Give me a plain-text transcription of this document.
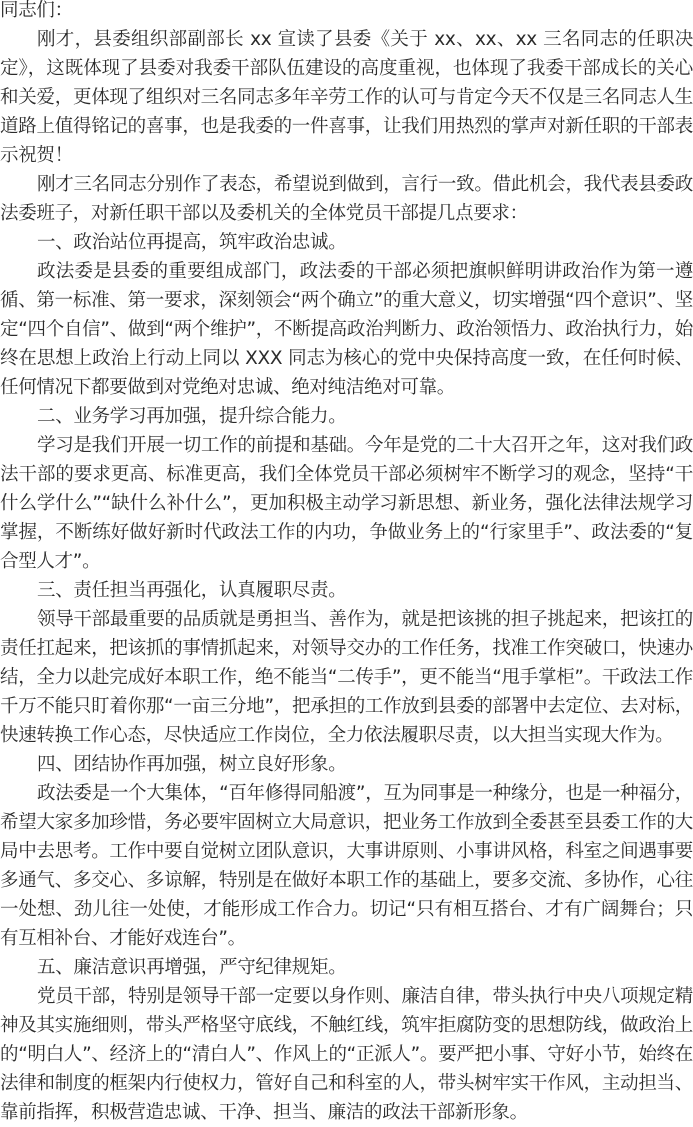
同志们：

刚才，县委组织部副部长 xx 宣读了县委《关于 xx、xx、xx 三名同志的任职决定》，这既体现了县委对我委干部队伍建设的高度重视，也体现了我委干部成长的关心和关爱，更体现了组织对三名同志多年辛劳工作的认可与肯定今天不仅是三名同志人生道路上值得铭记的喜事，也是我委的一件喜事，让我们用热烈的掌声对新任职的干部表示祝贺！

刚才三名同志分别作了表态，希望说到做到，言行一致。借此机会，我代表县委政法委班子，对新任职干部以及委机关的全体党员干部提几点要求：

一、政治站位再提高，筑牢政治忠诚。

政法委是县委的重要组成部门，政法委的干部必须把旗帜鲜明讲政治作为第一遵循、第一标准、第一要求，深刻领会“两个确立”的重大意义，切实增强“四个意识”、坚定“四个自信”、做到“两个维护”，不断提高政治判断力、政治领悟力、政治执行力，始终在思想上政治上行动上同以 XXX 同志为核心的党中央保持高度一致，在任何时候、任何情况下都要做到对党绝对忠诚、绝对纯洁绝对可靠。

二、业务学习再加强，提升综合能力。

学习是我们开展一切工作的前提和基础。今年是党的二十大召开之年，这对我们政法干部的要求更高、标准更高，我们全体党员干部必须树牢不断学习的观念，坚持“干什么学什么”“缺什么补什么”，更加积极主动学习新思想、新业务，强化法律法规学习掌握，不断练好做好新时代政法工作的内功，争做业务上的“行家里手”、政法委的“复合型人才”。

三、责任担当再强化，认真履职尽责。

领导干部最重要的品质就是勇担当、善作为，就是把该挑的担子挑起来，把该扛的责任扛起来，把该抓的事情抓起来，对领导交办的工作任务，找准工作突破口，快速办结，全力以赴完成好本职工作，绝不能当“二传手”，更不能当“甩手掌柜”。干政法工作千万不能只盯着你那“一亩三分地”，把承担的工作放到县委的部署中去定位、去对标，快速转换工作心态，尽快适应工作岗位，全力依法履职尽责，以大担当实现大作为。

四、团结协作再加强，树立良好形象。

政法委是一个大集体，“百年修得同船渡”，互为同事是一种缘分，也是一种福分，希望大家多加珍惜，务必要牢固树立大局意识，把业务工作放到全委甚至县委工作的大局中去思考。工作中要自觉树立团队意识，大事讲原则、小事讲风格，科室之间遇事要多通气、多交心、多谅解，特别是在做好本职工作的基础上，要多交流、多协作，心往一处想、劲儿往一处使，才能形成工作合力。切记“只有相互搭台、才有广阔舞台；只有互相补台、才能好戏连台”。

五、廉洁意识再增强，严守纪律规矩。

党员干部，特别是领导干部一定要以身作则、廉洁自律，带头执行中央八项规定精神及其实施细则，带头严格坚守底线，不触红线，筑牢拒腐防变的思想防线，做政治上的“明白人”、经济上的“清白人”、作风上的“正派人”。要严把小事、守好小节，始终在法律和制度的框架内行使权力，管好自己和科室的人，带头树牢实干作风，主动担当、靠前指挥，积极营造忠诚、干净、担当、廉洁的政法干部新形象。
